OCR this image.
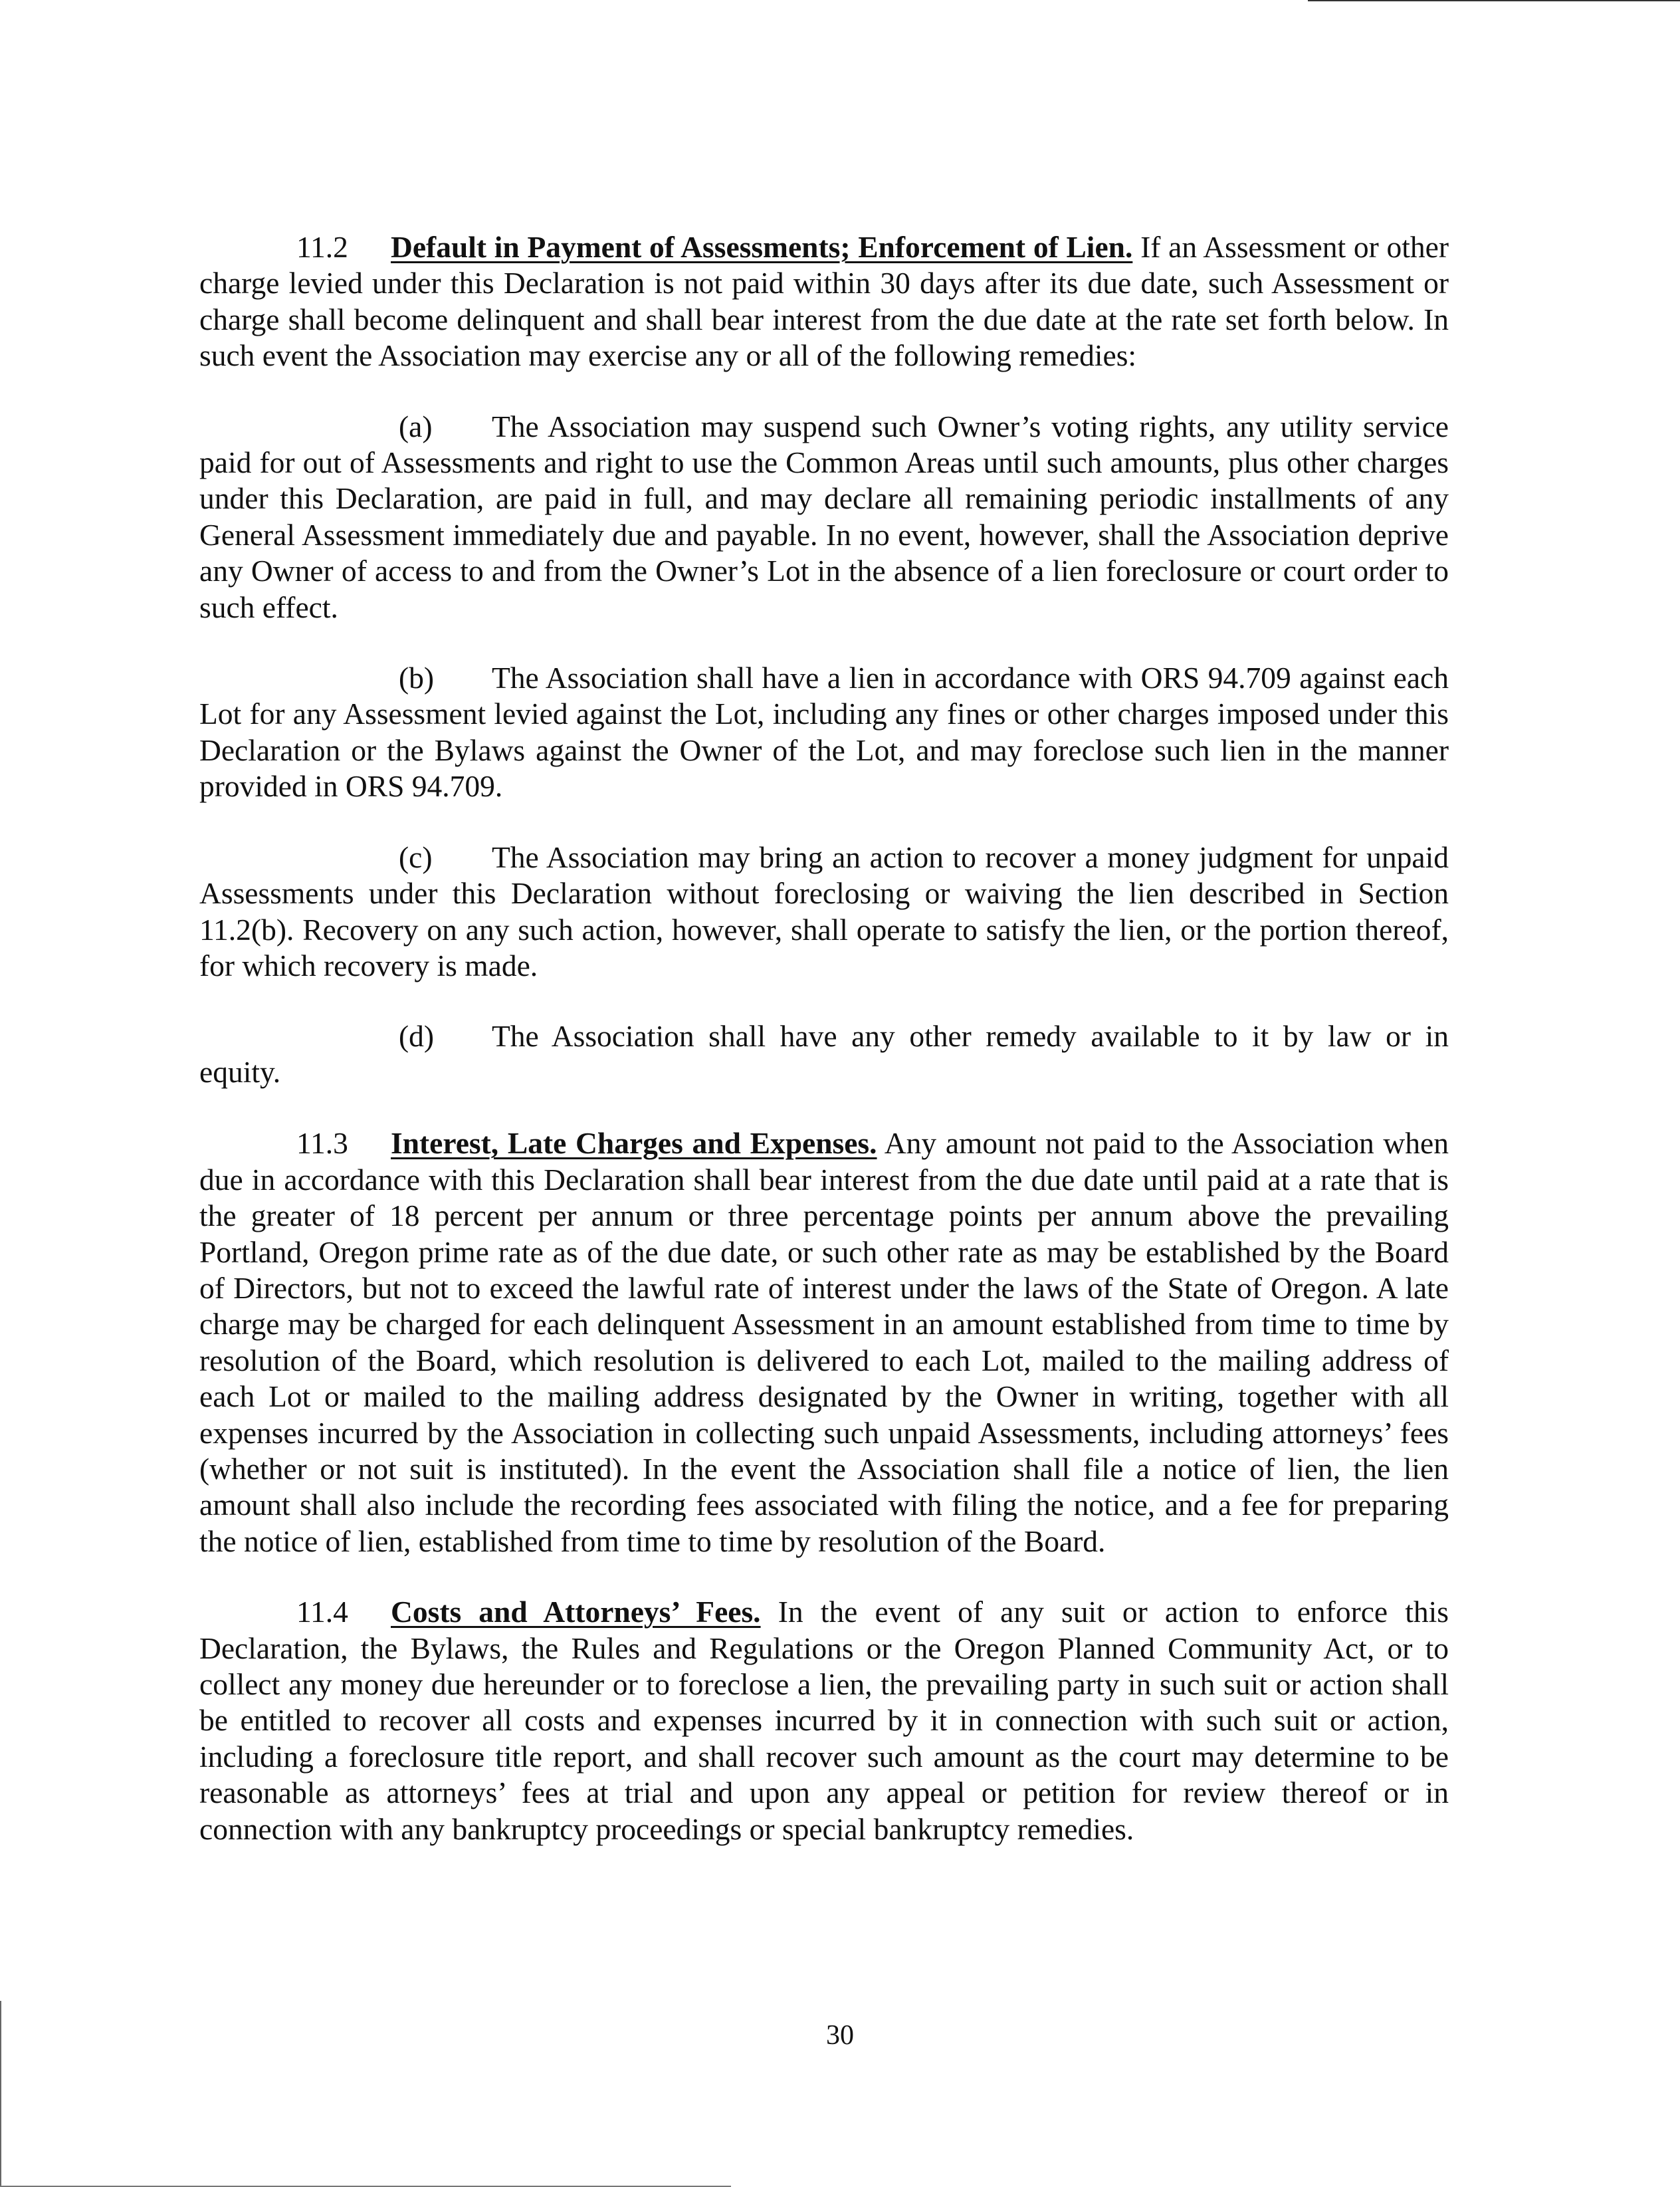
11.2 Default in Payment of Assessments; Enforcement of Lien. If an Assessment or other charge levied under this Declaration is not paid within 30 days after its due date, such Assessment or charge shall become delinquent and shall bear interest from the due date at the rate set forth below. In such event the Association may exercise any or all of the following remedies:

(a) The Association may suspend such Owner’s voting rights, any utility service paid for out of Assessments and right to use the Common Areas until such amounts, plus other charges under this Declaration, are paid in full, and may declare all remaining periodic installments of any General Assessment immediately due and payable. In no event, however, shall the Association deprive any Owner of access to and from the Owner’s Lot in the absence of a lien foreclosure or court order to such effect.

(b) The Association shall have a lien in accordance with ORS 94.709 against each Lot for any Assessment levied against the Lot, including any fines or other charges imposed under this Declaration or the Bylaws against the Owner of the Lot, and may foreclose such lien in the manner provided in ORS 94.709.

(c) The Association may bring an action to recover a money judgment for unpaid Assessments under this Declaration without foreclosing or waiving the lien described in Section 11.2(b). Recovery on any such action, however, shall operate to satisfy the lien, or the portion thereof, for which recovery is made.

(d) The Association shall have any other remedy available to it by law or in
equity.

11.3 Interest, Late Charges and Expenses. Any amount not paid to the Association when due in accordance with this Declaration shall bear interest from the due date until paid at a rate that is the greater of 18 percent per annum or three percentage points per annum above the prevailing Portland, Oregon prime rate as of the due date, or such other rate as may be established by the Board of Directors, but not to exceed the lawful rate of interest under the laws of the State of Oregon. A late charge may be charged for each delinquent Assessment in an amount established from time to time by resolution of the Board, which resolution is delivered to each Lot, mailed to the mailing address of each Lot or mailed to the mailing address designated by the Owner in writing, together with all expenses incurred by the Association in collecting such unpaid Assessments, including attorneys’ fees (whether or not suit is instituted). In the event the Association shall file a notice of lien, the lien amount shall also include the recording fees associated with filing the notice, and a fee for preparing the notice of lien, established from time to time by resolution of the Board.

11.4 Costs and Attorneys’ Fees. In the event of any suit or action to enforce this Declaration, the Bylaws, the Rules and Regulations or the Oregon Planned Community Act, or to collect any money due hereunder or to foreclose a lien, the prevailing party in such suit or action shall be entitled to recover all costs and expenses incurred by it in connection with such suit or action, including a foreclosure title report, and shall recover such amount as the court may determine to be reasonable as attorneys’ fees at trial and upon any appeal or petition for review thereof or in connection with any bankruptcy proceedings or special bankruptcy remedies.

30
